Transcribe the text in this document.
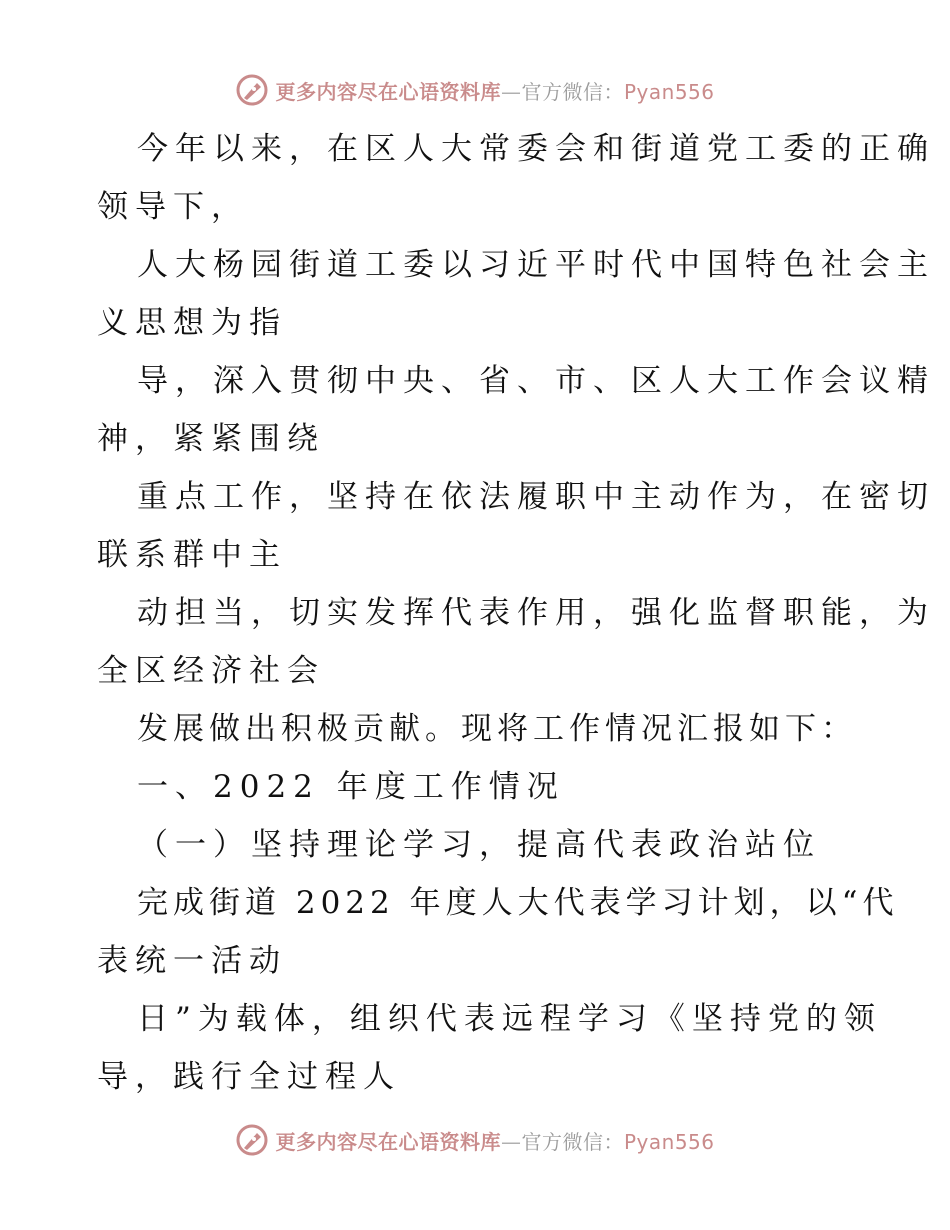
更多内容尽在心语资料库—官方微信：Pyan556
今年以来，在区人大常委会和街道党工委的正确
领导下，
人大杨园街道工委以习近平时代中国特色社会主
义思想为指
导，深入贯彻中央、省、市、区人大工作会议精
神，紧紧围绕
重点工作，坚持在依法履职中主动作为，在密切
联系群中主
动担当，切实发挥代表作用，强化监督职能，为
全区经济社会
发展做出积极贡献。现将工作情况汇报如下：
一、2022 年度工作情况
（一）坚持理论学习，提高代表政治站位
完成街道 2022 年度人大代表学习计划，以“代
表统一活动
日”为载体，组织代表远程学习《坚持党的领
导，践行全过程人
更多内容尽在心语资料库—官方微信：Pyan556
